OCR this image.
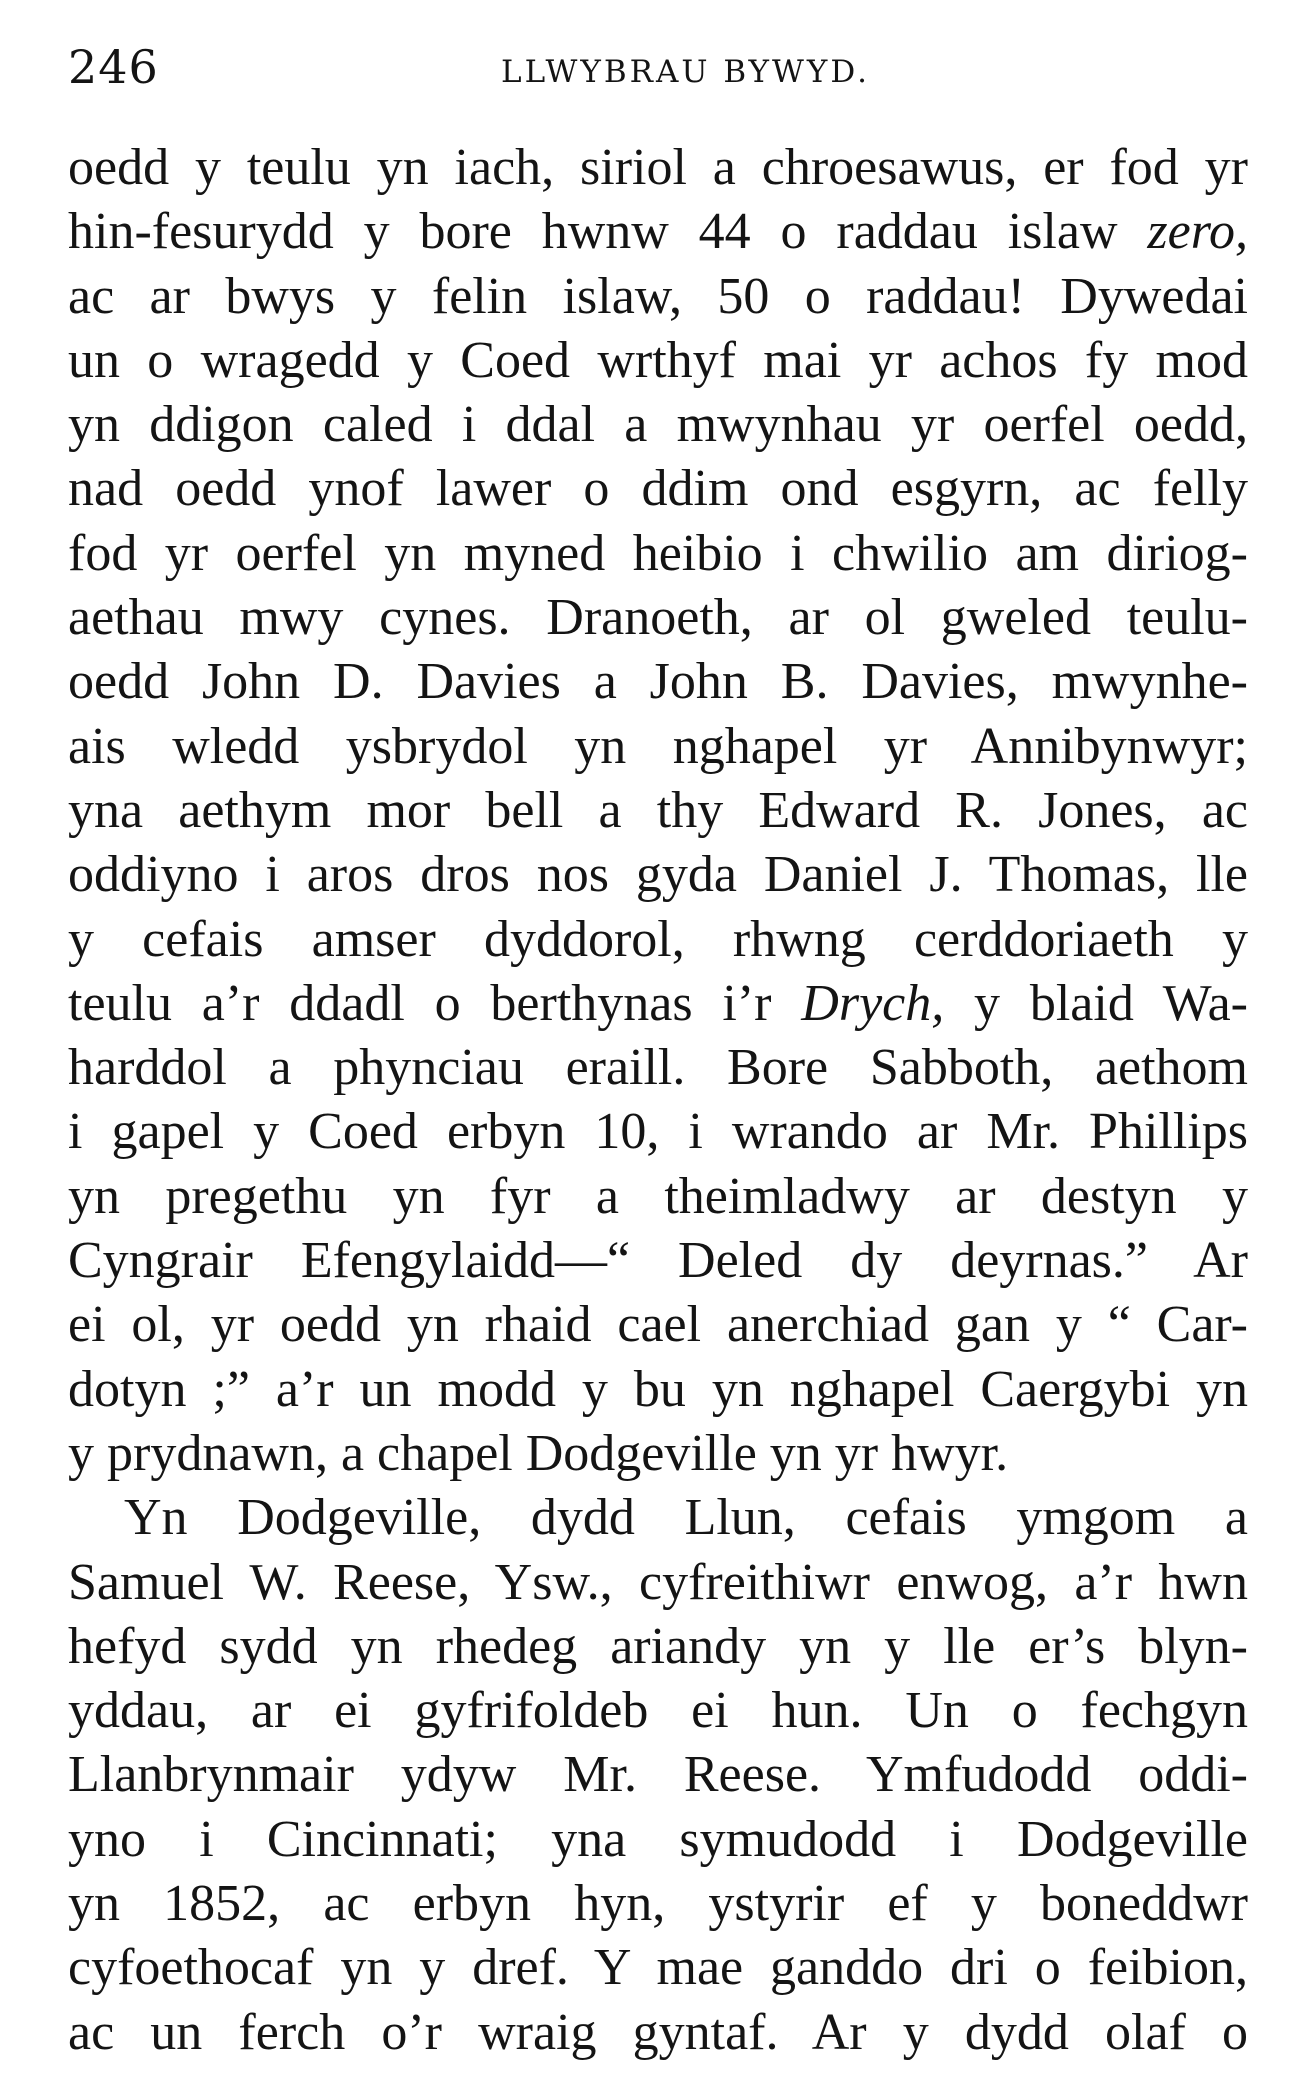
246	LLWYBRAU BYWYD.
oedd y teulu yn iach, siriol a chroesawus, er fod yr
hin-fesurydd y bore hwnw 44 o raddau islaw zero,
ac ar bwys y felin islaw, 50 o raddau! Dywedai
un o wragedd y Coed wrthyf mai yr achos fy mod
yn ddigon caled i ddal a mwynhau yr oerfel oedd,
nad oedd ynof lawer o ddim ond esgyrn, ac felly
fod yr oerfel yn myned heibio i chwilio am diriog-
aethau mwy cynes. Dranoeth, ar ol gweled teulu-
oedd John D. Davies a John B. Davies, mwynhe-
ais wledd ysbrydol yn nghapel yr Annibynwyr;
yna aethym mor bell a thy Edward R. Jones, ac
oddiyno i aros dros nos gyda Daniel J. Thomas, lle
y cefais amser dyddorol, rhwng cerddoriaeth y
teulu a’r ddadl o berthynas i’r Drych, y blaid Wa-
harddol a phynciau eraill. Bore Sabboth, aethom
i gapel y Coed erbyn 10, i wrando ar Mr. Phillips
yn pregethu yn fyr a theimladwy ar destyn y
Cyngrair Efengylaidd—“ Deled dy deyrnas.” Ar
ei ol, yr oedd yn rhaid cael anerchiad gan y “ Car-
dotyn ;” a’r un modd y bu yn nghapel Caergybi yn
y prydnawn, a chapel Dodgeville yn yr hwyr.
Yn Dodgeville, dydd Llun, cefais ymgom a
Samuel W. Reese, Ysw., cyfreithiwr enwog, a’r hwn
hefyd sydd yn rhedeg ariandy yn y lle er’s blyn-
yddau, ar ei gyfrifoldeb ei hun. Un o fechgyn
Llanbrynmair ydyw Mr. Reese. Ymfudodd oddi-
yno i Cincinnati; yna symudodd i Dodgeville
yn 1852, ac erbyn hyn, ystyrir ef y boneddwr
cyfoethocaf yn y dref. Y mae ganddo dri o feibion,
ac un ferch o’r wraig gyntaf. Ar y dydd olaf o
